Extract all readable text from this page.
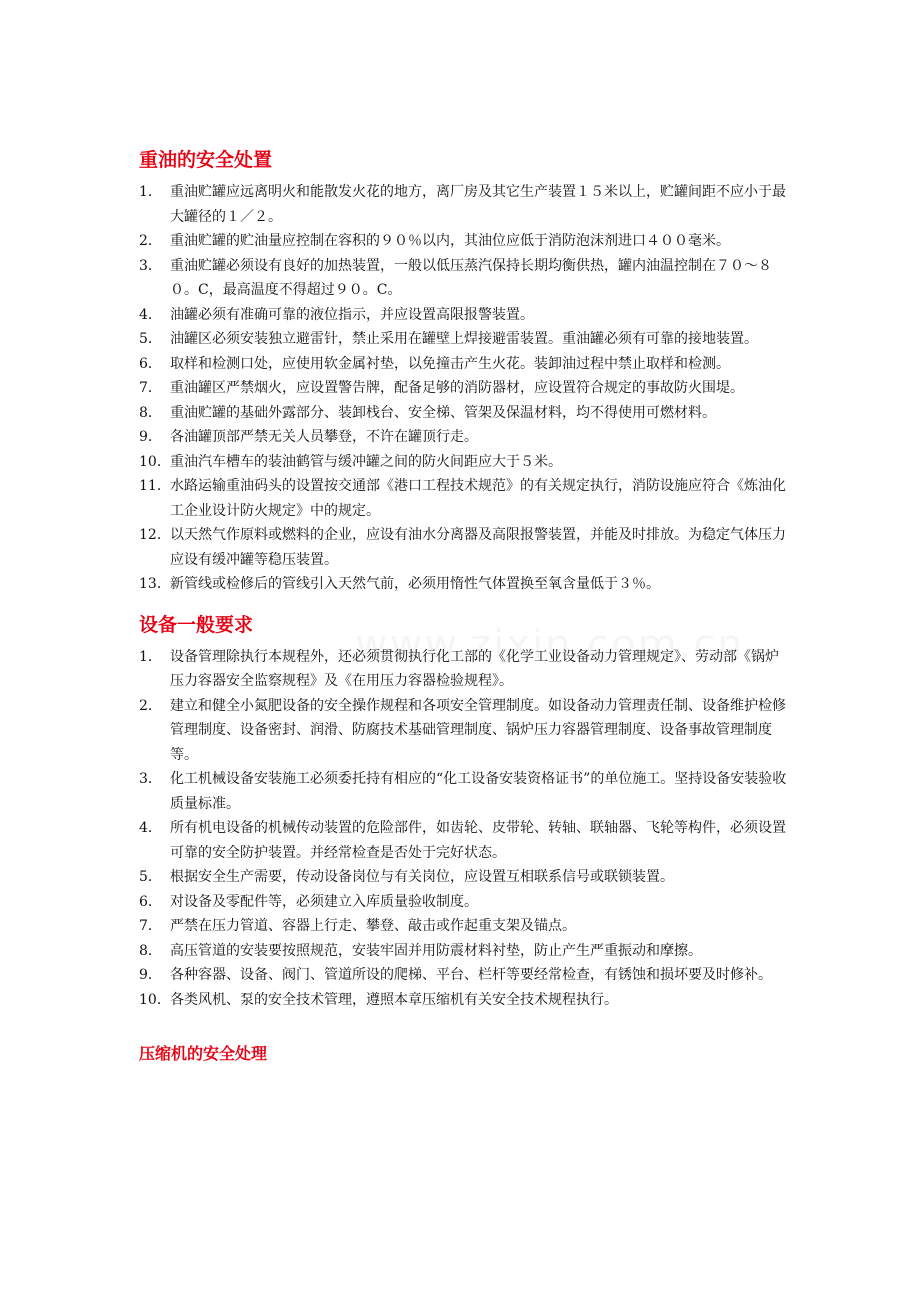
重油的安全处置
1． 重油贮罐应远离明火和能散发火花的地方，离厂房及其它生产装置１５米以上，贮罐间距不应小于最大罐径的１／２。
2． 重油贮罐的贮油量应控制在容积的９０％以内，其油位应低于消防泡沫剂进口４００毫米。
3． 重油贮罐必须设有良好的加热装置，一般以低压蒸汽保持长期均衡供热，罐内油温控制在７０～８０。C，最高温度不得超过９０。C。
4． 油罐必须有准确可靠的液位指示，并应设置高限报警装置。
5． 油罐区必须安装独立避雷针，禁止采用在罐壁上焊接避雷装置。重油罐必须有可靠的接地装置。
6． 取样和检测口处，应使用软金属衬垫，以免撞击产生火花。装卸油过程中禁止取样和检测。
7． 重油罐区严禁烟火，应设置警告牌，配备足够的消防器材，应设置符合规定的事故防火围堤。
8． 重油贮罐的基础外露部分、装卸栈台、安全梯、管架及保温材料，均不得使用可燃材料。
9． 各油罐顶部严禁无关人员攀登，不许在罐顶行走。
10． 重油汽车槽车的装油鹤管与缓冲罐之间的防火间距应大于５米。
11． 水路运输重油码头的设置按交通部《港口工程技术规范》的有关规定执行，消防设施应符合《炼油化工企业设计防火规定》中的规定。
12． 以天然气作原料或燃料的企业，应设有油水分离器及高限报警装置，并能及时排放。为稳定气体压力应设有缓冲罐等稳压装置。
13． 新管线或检修后的管线引入天然气前，必须用惰性气体置换至氧含量低于３％。
设备一般要求
1． 设备管理除执行本规程外，还必须贯彻执行化工部的《化学工业设备动力管理规定》、劳动部《锅炉压力容器安全监察规程》及《在用压力容器检验规程》。
2． 建立和健全小氮肥设备的安全操作规程和各项安全管理制度。如设备动力管理责任制、设备维护检修管理制度、设备密封、润滑、防腐技术基础管理制度、锅炉压力容器管理制度、设备事故管理制度等。
3． 化工机械设备安装施工必须委托持有相应的“化工设备安装资格证书”的单位施工。坚持设备安装验收质量标准。
4． 所有机电设备的机械传动装置的危险部件，如齿轮、皮带轮、转轴、联轴器、飞轮等构件，必须设置可靠的安全防护装置。并经常检查是否处于完好状态。
5． 根据安全生产需要，传动设备岗位与有关岗位，应设置互相联系信号或联锁装置。
6． 对设备及零配件等，必须建立入库质量验收制度。
7． 严禁在压力管道、容器上行走、攀登、敲击或作起重支架及锚点。
8． 高压管道的安装要按照规范，安装牢固并用防震材料衬垫，防止产生严重振动和摩擦。
9． 各种容器、设备、阀门、管道所设的爬梯、平台、栏杆等要经常检查，有锈蚀和损坏要及时修补。
10． 各类风机、泵的安全技术管理，遵照本章压缩机有关安全技术规程执行。
压缩机的安全处理
